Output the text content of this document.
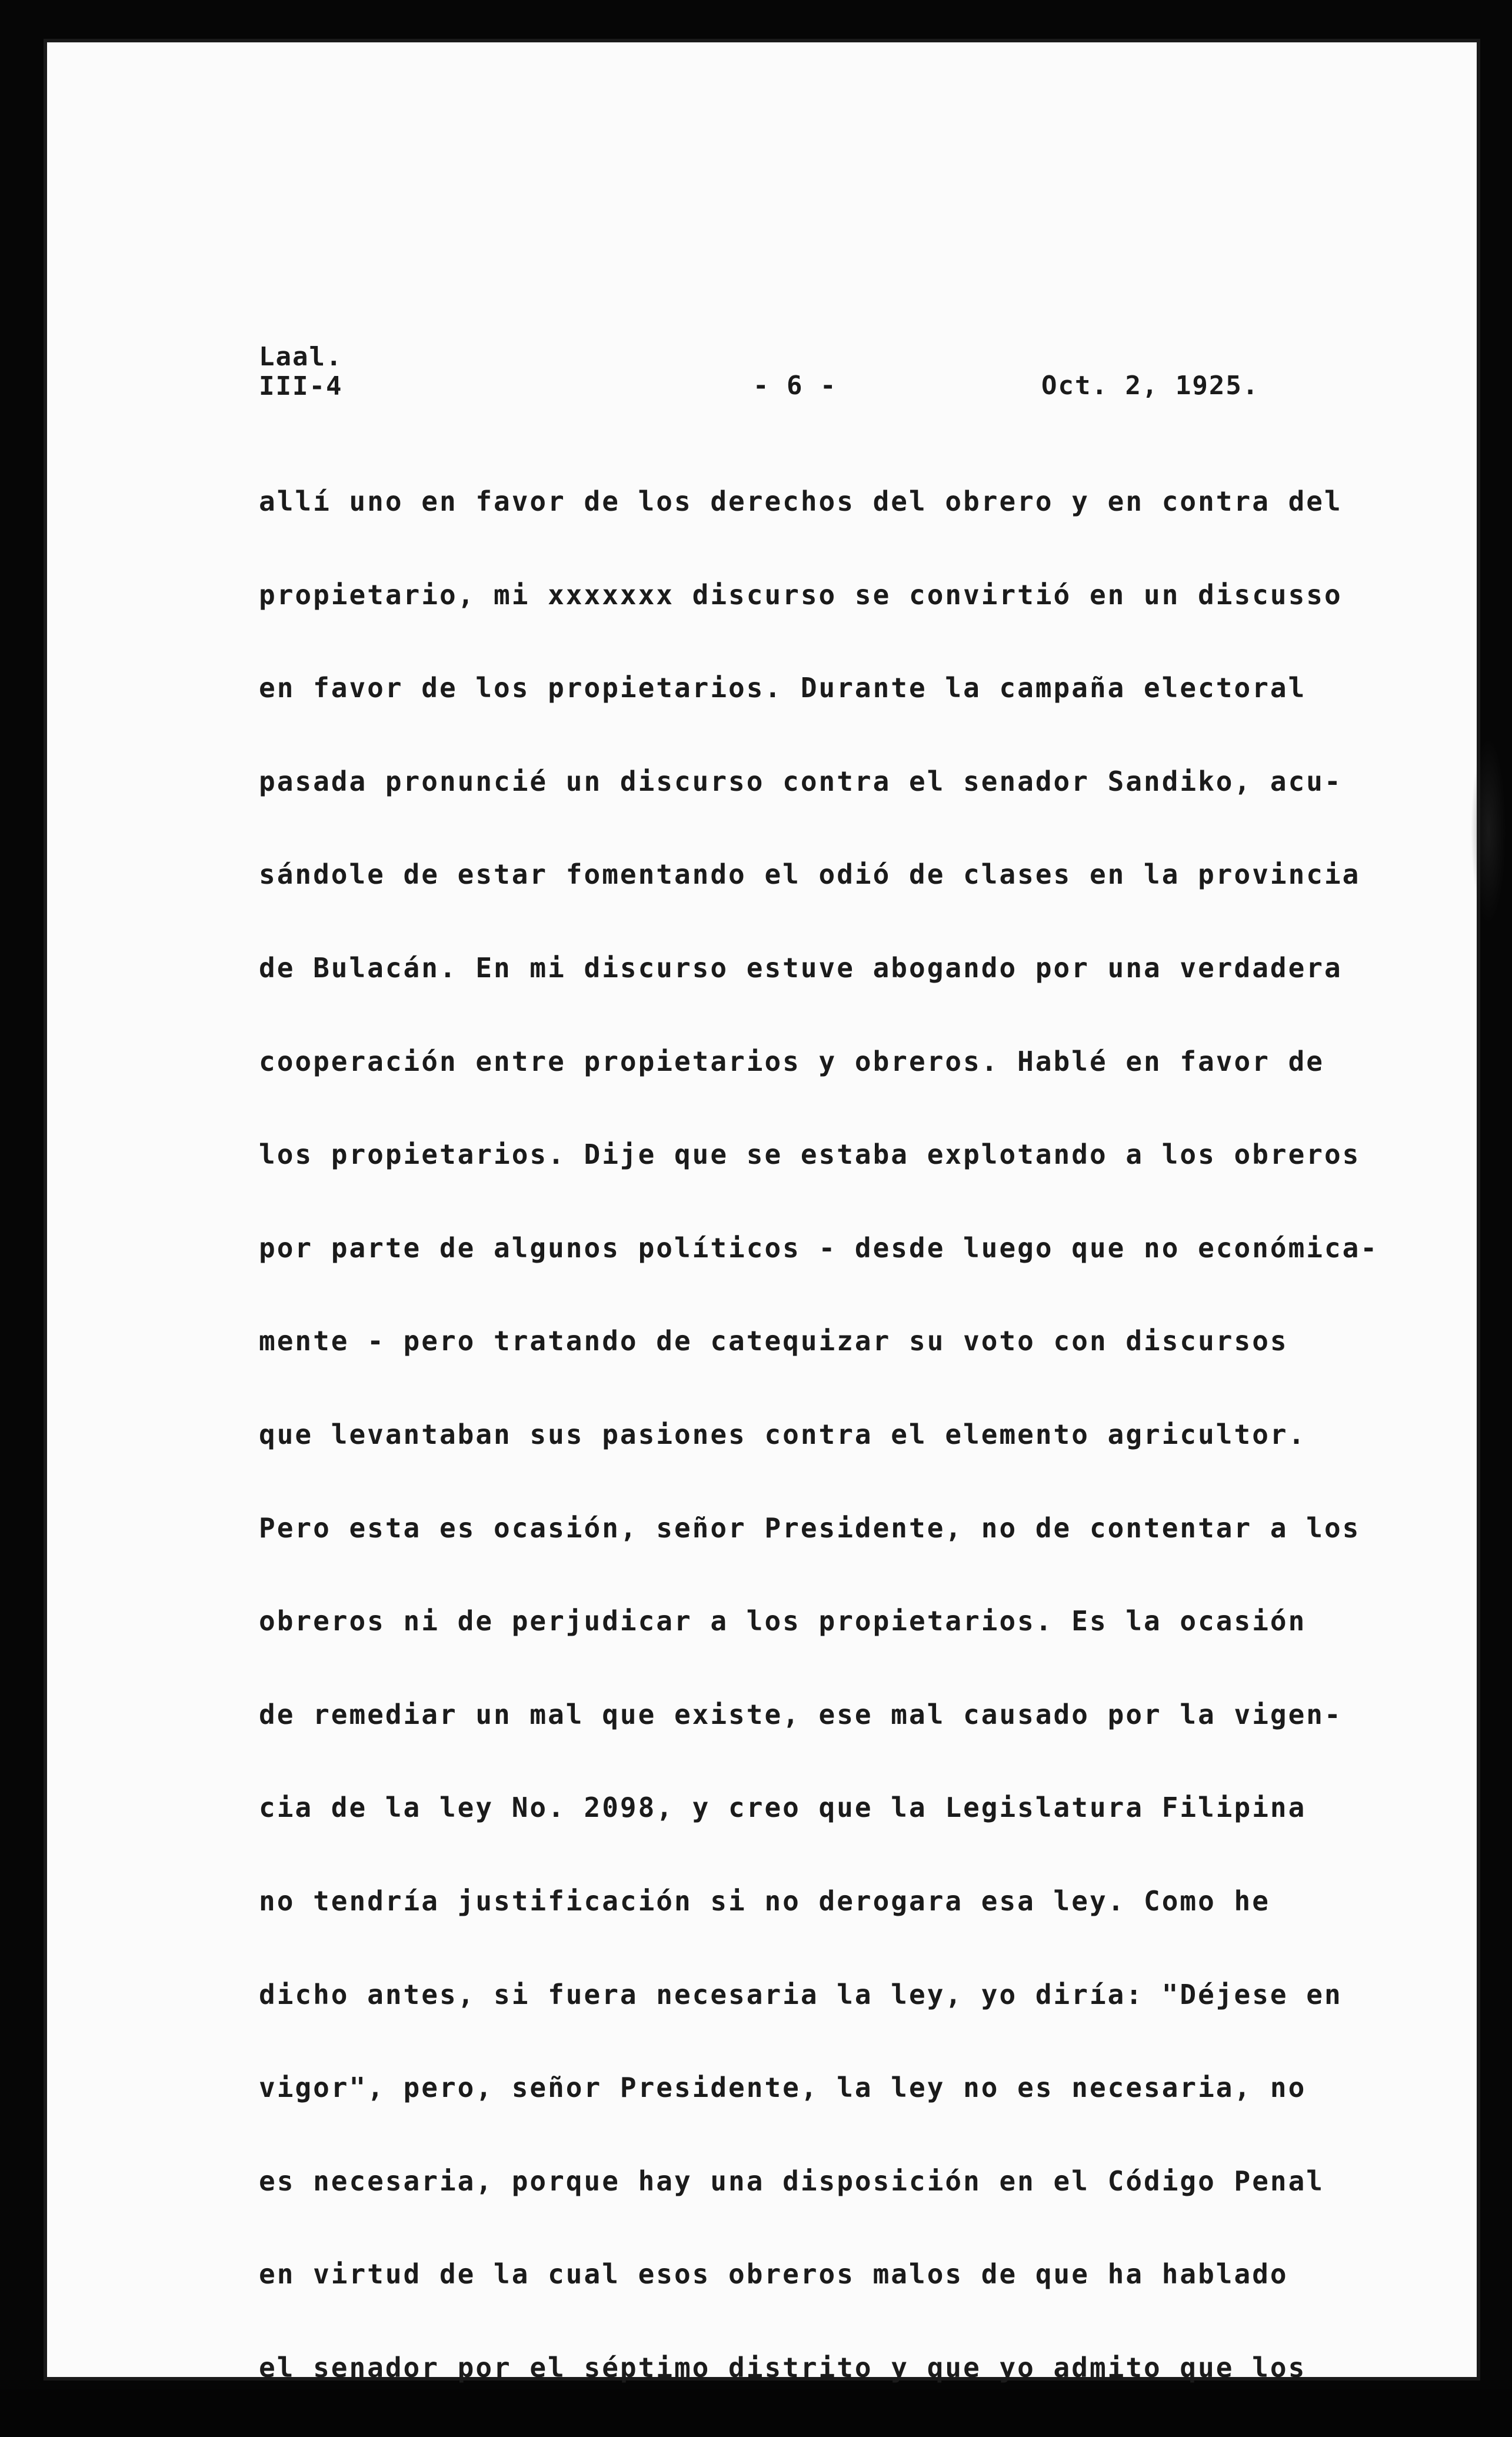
Laal.
III-4	- 6 -	Oct. 2, 1925.
allí uno en favor de los derechos del obrero y en contra del
propietario, mi xxxxxxx discurso se convirtió en un discusso
en favor de los propietarios. Durante la campaña electoral
pasada pronuncié un discurso contra el senador Sandiko, acu-
sándole de estar fomentando el odió de clases en la provincia
de Bulacán. En mi discurso estuve abogando por una verdadera
cooperación entre propietarios y obreros. Hablé en favor de
los propietarios. Dije que se estaba explotando a los obreros
por parte de algunos políticos - desde luego que no económica-
mente - pero tratando de catequizar su voto con discursos
que levantaban sus pasiones contra el elemento agricultor.
Pero esta es ocasión, señor Presidente, no de contentar a los
obreros ni de perjudicar a los propietarios. Es la ocasión
de remediar un mal que existe, ese mal causado por la vigen-
cia de la ley No. 2098, y creo que la Legislatura Filipina
no tendría justificación si no derogara esa ley. Como he
dicho antes, si fuera necesaria la ley, yo diría: "Déjese en
vigor", pero, señor Presidente, la ley no es necesaria, no
es necesaria, porque hay una disposición en el Código Penal
en virtud de la cual esos obreros malos de que ha hablado
el senador por el séptimo distrito y que yo admito que los
